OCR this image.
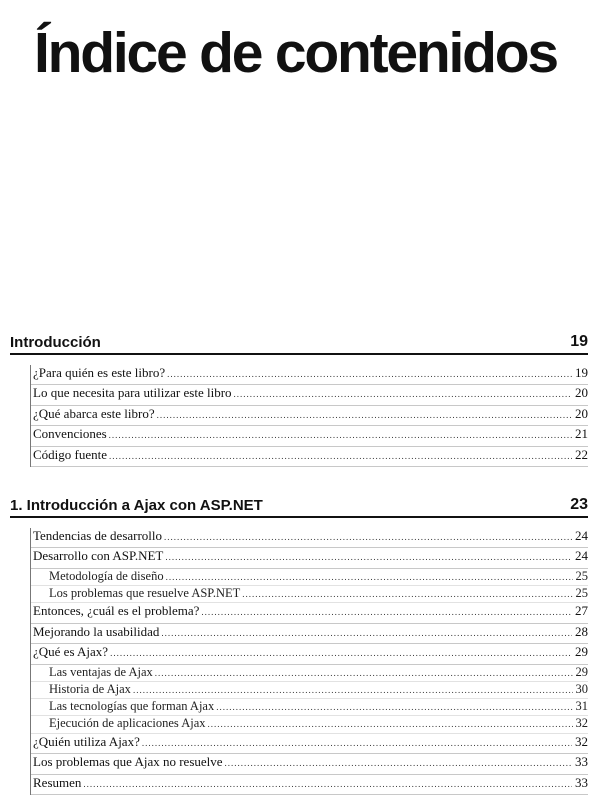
Índice de contenidos
Introducción	19
¿Para quién es este libro? .....	19
Lo que necesita para utilizar este libro .....	20
¿Qué abarca este libro? .....	20
Convenciones .....	21
Código fuente .....	22
1. Introducción a Ajax con ASP.NET	23
Tendencias de desarrollo .....	24
Desarrollo con ASP.NET .....	24
Metodología de diseño .....	25
Los problemas que resuelve ASP.NET .....	25
Entonces, ¿cuál es el problema? .....	27
Mejorando la usabilidad .....	28
¿Qué es Ajax? .....	29
Las ventajas de Ajax .....	29
Historia de Ajax .....	30
Las tecnologías que forman Ajax .....	31
Ejecución de aplicaciones Ajax .....	32
¿Quién utiliza Ajax? .....	32
Los problemas que Ajax no resuelve .....	33
Resumen .....	33
